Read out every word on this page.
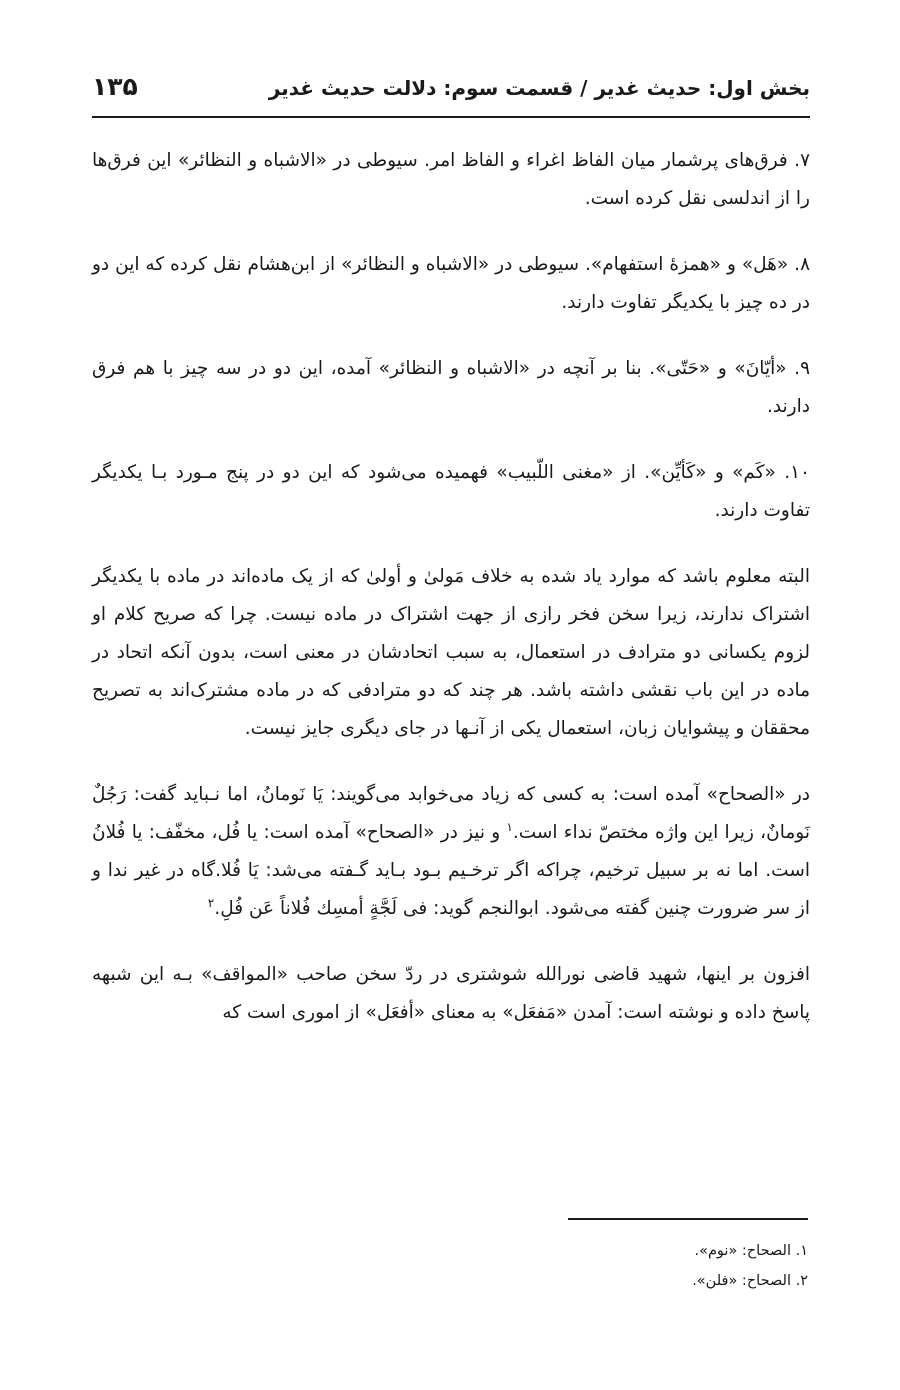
بخش اول: حدیث غدیر / قسمت سوم: دلالت حدیث غدیر
۱۳۵

۷. فرق‌های پرشمار میان الفاظ اغراء و الفاظ امر. سیوطی در «الاشباه و النظائر» این فرق‌ها را از اندلسی نقل کرده است.

۸. «هَل» و «همزهٔ استفهام». سیوطی در «الاشباه و النظائر» از ابن‌هشام نقل کرده که این دو در ده چیز با یکدیگر تفاوت دارند.

۹. «أیّانَ» و «حَتّی». بنا بر آنچه در «الاشباه و النظائر» آمده، این دو در سه چیز با هم فرق دارند.

۱۰. «کَم» و «کَأیِّن». از «مغنی اللّبیب» فهمیده می‌شود که این دو در پنج مـورد بـا یکدیگر تفاوت دارند.

البته معلوم باشد که موارد یاد شده به خلاف مَولیٰ و أولیٰ که از یک ماده‌اند در ماده با یکدیگر اشتراک ندارند، زیرا سخن فخر رازی از جهت اشتراک در ماده نیست. چرا که صریح کلام او لزوم یکسانی دو مترادف در استعمال، به سبب اتحادشان در معنی است، بدون آنکه اتحاد در ماده در این باب نقشی داشته باشد. هر چند که دو مترادفی که در ماده مشترک‌اند به تصریح محققان و پیشوایان زبان، استعمال یکی از آنـها در جای دیگری جایز نیست.

در «الصحاح» آمده است: به کسی که زیاد می‌خوابد می‌گویند: یَا نَومانُ، اما نـباید گفت: رَجُلٌ نَومانٌ، زیرا این واژه مختصّ نداء است.$^۱$ و نیز در «الصحاح» آمده است: یا فُل، مخفّف: یا فُلانُ است. اما نه بر سبیل ترخیم، چراکه اگر ترخـیم بـود بـاید گـفته می‌شد: یَا فُلا.گاه در غیر ندا و از سر ضرورت چنین گفته می‌شود. ابوالنجم گوید: فی لَجَّةٍ أمسِك فُلاناً عَن فُلِ.$^۲$

افزون بر اینها، شهید قاضی نورالله شوشتری در ردّ سخن صاحب «المواقف» بـه این شبهه پاسخ داده و نوشته است: آمدن «مَفعَل» به معنای «أفعَل» از اموری است که

۱. الصحاح: «نوم».
۲. الصحاح: «فلن».
